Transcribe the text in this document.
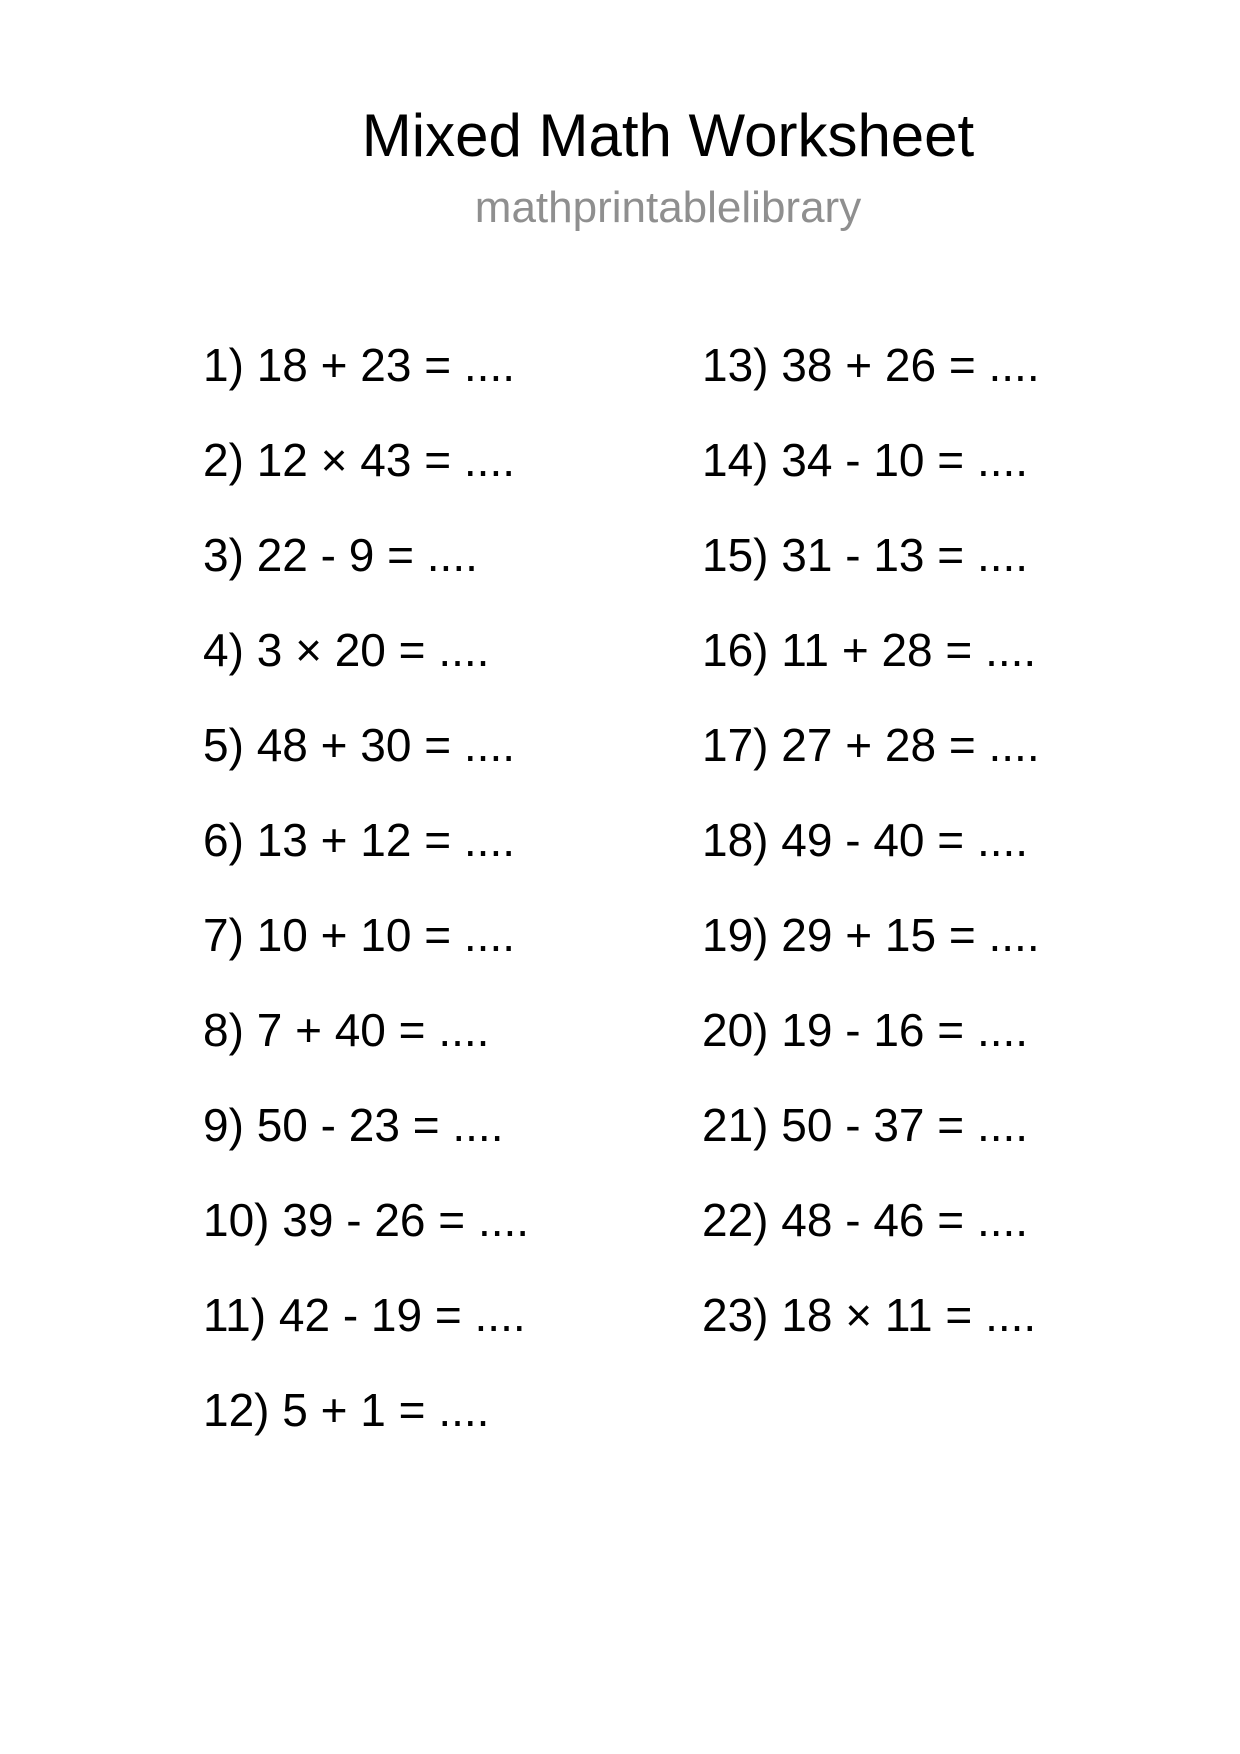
Mixed Math Worksheet
mathprintablelibrary
1) 18 + 23 = ....
2) 12 × 43 = ....
3) 22 - 9 = ....
4) 3 × 20 = ....
5) 48 + 30 = ....
6) 13 + 12 = ....
7) 10 + 10 = ....
8) 7 + 40 = ....
9) 50 - 23 = ....
10) 39 - 26 = ....
11) 42 - 19 = ....
12) 5 + 1 = ....
13) 38 + 26 = ....
14) 34 - 10 = ....
15) 31 - 13 = ....
16) 11 + 28 = ....
17) 27 + 28 = ....
18) 49 - 40 = ....
19) 29 + 15 = ....
20) 19 - 16 = ....
21) 50 - 37 = ....
22) 48 - 46 = ....
23) 18 × 11 = ....
